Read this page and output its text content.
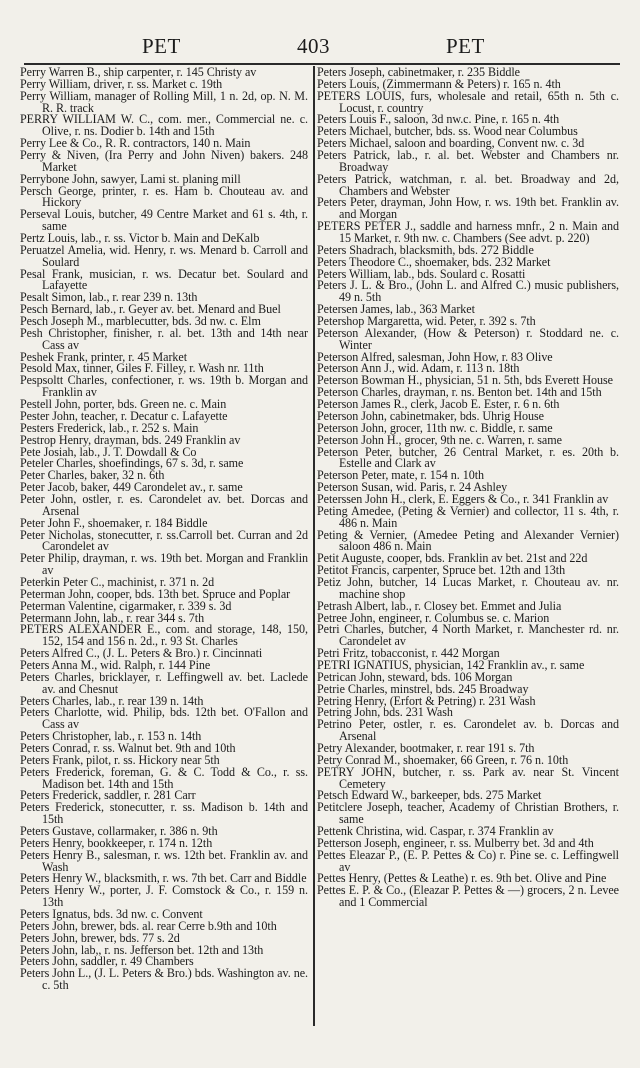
PET	403	PET
Perry Warren B., ship carpenter, r. 145 Christy av
Perry William, driver, r. ss. Market c. 19th
Perry William, manager of Rolling Mill, 1 n. 2d, op. N. M. R. R. track
PERRY WILLIAM W. C., com. mer., Commercial ne. c. Olive, r. ns. Dodier b. 14th and 15th
Perry Lee & Co., R. R. contractors, 140 n. Main
Perry & Niven, (Ira Perry and John Niven) bakers. 248 Market
Perrybone John, sawyer, Lami st. planing mill
Persch George, printer, r. es. Ham b. Chouteau av. and Hickory
Perseval Louis, butcher, 49 Centre Market and 61 s. 4th, r. same
Pertz Louis, lab., r. ss. Victor b. Main and DeKalb
Peruatzel Amelia, wid. Henry, r. ws. Menard b. Carroll and Soulard
Pesal Frank, musician, r. ws. Decatur bet. Soulard and Lafayette
Pesalt Simon, lab., r. rear 239 n. 13th
Pesch Bernard, lab., r. Geyer av. bet. Menard and Buel
Pesch Joseph M., marblecutter, bds. 3d nw. c. Elm
Pesh Christopher, finisher, r. al. bet. 13th and 14th near Cass av
Peshek Frank, printer, r. 45 Market
Pesold Max, tinner, Giles F. Filley, r. Wash nr. 11th
Pespsoltt Charles, confectioner, r. ws. 19th b. Morgan and Franklin av
Pestell John, porter, bds. Green ne. c. Main
Pester John, teacher, r. Decatur c. Lafayette
Pesters Frederick, lab., r. 252 s. Main
Pestrop Henry, drayman, bds. 249 Franklin av
Pete Josiah, lab., J. T. Dowdall & Co
Peteler Charles, shoefindings, 67 s. 3d, r. same
Peter Charles, baker, 32 n. 6th
Peter Jacob, baker, 449 Carondelet av., r. same
Peter John, ostler, r. es. Carondelet av. bet. Dorcas and Arsenal
Peter John F., shoemaker, r. 184 Biddle
Peter Nicholas, stonecutter, r. ss.Carroll bet. Curran and 2d Carondelet av
Peter Philip, drayman, r. ws. 19th bet. Morgan and Franklin av
Peterkin Peter C., machinist, r. 371 n. 2d
Peterman John, cooper, bds. 13th bet. Spruce and Poplar
Peterman Valentine, cigarmaker, r. 339 s. 3d
Petermann John, lab., r. rear 344 s. 7th
PETERS ALEXANDER E., com. and storage, 148, 150, 152, 154 and 156 n. 2d., r. 93 St. Charles
Peters Alfred C., (J. L. Peters & Bro.) r. Cincinnati
Peters Anna M., wid. Ralph, r. 144 Pine
Peters Charles, bricklayer, r. Leffingwell av. bet. Laclede av. and Chesnut
Peters Charles, lab., r. rear 139 n. 14th
Peters Charlotte, wid. Philip, bds. 12th bet. O'Fallon and Cass av
Peters Christopher, lab., r. 153 n. 14th
Peters Conrad, r. ss. Walnut bet. 9th and 10th
Peters Frank, pilot, r. ss. Hickory near 5th
Peters Frederick, foreman, G. & C. Todd & Co., r. ss. Madison bet. 14th and 15th
Peters Frederick, saddler, r. 281 Carr
Peters Frederick, stonecutter, r. ss. Madison b. 14th and 15th
Peters Gustave, collarmaker, r. 386 n. 9th
Peters Henry, bookkeeper, r. 174 n. 12th
Peters Henry B., salesman, r. ws. 12th bet. Franklin av. and Wash
Peters Henry W., blacksmith, r. ws. 7th bet. Carr and Biddle
Peters Henry W., porter, J. F. Comstock & Co., r. 159 n. 13th
Peters Ignatus, bds. 3d nw. c. Convent
Peters John, brewer, bds. al. rear Cerre b.9th and 10th
Peters John, brewer, bds. 77 s. 2d
Peters John, lab,, r. ns. Jefferson bet. 12th and 13th
Peters John, saddler, r. 49 Chambers
Peters John L., (J. L. Peters & Bro.) bds. Washington av. ne. c. 5th
Peters Joseph, cabinetmaker, r. 235 Biddle
Peters Louis, (Zimmermann & Peters) r. 165 n. 4th
PETERS LOUIS, furs, wholesale and retail, 65th n. 5th c. Locust, r. country
Peters Louis F., saloon, 3d nw.c. Pine, r. 165 n. 4th
Peters Michael, butcher, bds. ss. Wood near Columbus
Peters Michael, saloon and boarding, Convent nw. c. 3d
Peters Patrick, lab., r. al. bet. Webster and Chambers nr. Broadway
Peters Patrick, watchman, r. al. bet. Broadway and 2d, Chambers and Webster
Peters Peter, drayman, John How, r. ws. 19th bet. Franklin av. and Morgan
PETERS PETER J., saddle and harness mnfr., 2 n. Main and 15 Market, r. 9th nw. c. Chambers (See advt. p. 220)
Peters Shadrach, blacksmith, bds. 272 Biddle
Peters Theodore C., shoemaker, bds. 232 Market
Peters William, lab., bds. Soulard c. Rosatti
Peters J. L. & Bro., (John L. and Alfred C.) music publishers, 49 n. 5th
Petersen James, lab., 363 Market
Petershop Margaretta, wid. Peter, r. 392 s. 7th
Peterson Alexander, (How & Peterson) r. Stoddard ne. c. Winter
Peterson Alfred, salesman, John How, r. 83 Olive
Peterson Ann J., wid. Adam, r. 113 n. 18th
Peterson Bowman H., physician, 51 n. 5th, bds Everett House
Peterson Charles, drayman, r. ns. Benton bet. 14th and 15th
Peterson James R., clerk, Jacob E. Ester, r. 6 n. 6th
Peterson John, cabinetmaker, bds. Uhrig House
Peterson John, grocer, 11th nw. c. Biddle, r. same
Peterson John H., grocer, 9th ne. c. Warren, r. same
Peterson Peter, butcher, 26 Central Market, r. es. 20th b. Estelle and Clark av
Peterson Peter, mate, r. 154 n. 10th
Peterson Susan, wid. Paris, r. 24 Ashley
Peterssen John H., clerk, E. Eggers & Co., r. 341 Franklin av
Peting Amedee, (Peting & Vernier) and collector, 11 s. 4th, r. 486 n. Main
Peting & Vernier, (Amedee Peting and Alexander Vernier) saloon 486 n. Main
Petit Auguste, cooper, bds. Franklin av bet. 21st and 22d
Petitot Francis, carpenter, Spruce bet. 12th and 13th
Petiz John, butcher, 14 Lucas Market, r. Chouteau av. nr. machine shop
Petrash Albert, lab., r. Closey bet. Emmet and Julia
Petree John, engineer, r. Columbus se. c. Marion
Petri Charles, butcher, 4 North Market, r. Manchester rd. nr. Carondelet av
Petri Fritz, tobacconist, r. 442 Morgan
PETRI IGNATIUS, physician, 142 Franklin av., r. same
Petrican John, steward, bds. 106 Morgan
Petrie Charles, minstrel, bds. 245 Broadway
Petring Henry, (Erfort & Petring) r. 231 Wash
Petring John, bds. 231 Wash
Petrino Peter, ostler, r. es. Carondelet av. b. Dorcas and Arsenal
Petry Alexander, bootmaker, r. rear 191 s. 7th
Petry Conrad M., shoemaker, 66 Green, r. 76 n. 10th
PETRY JOHN, butcher, r. ss. Park av. near St. Vincent Cemetery
Petsch Edward W., barkeeper, bds. 275 Market
Petitclere Joseph, teacher, Academy of Christian Brothers, r. same
Pettenk Christina, wid. Caspar, r. 374 Franklin av
Petterson Joseph, engineer, r. ss. Mulberry bet. 3d and 4th
Pettes Eleazar P., (E. P. Pettes & Co) r. Pine se. c. Leffingwell av
Pettes Henry, (Pettes & Leathe) r. es. 9th bet. Olive and Pine
Pettes E. P. & Co., (Eleazar P. Pettes & —) grocers, 2 n. Levee and 1 Commercial
